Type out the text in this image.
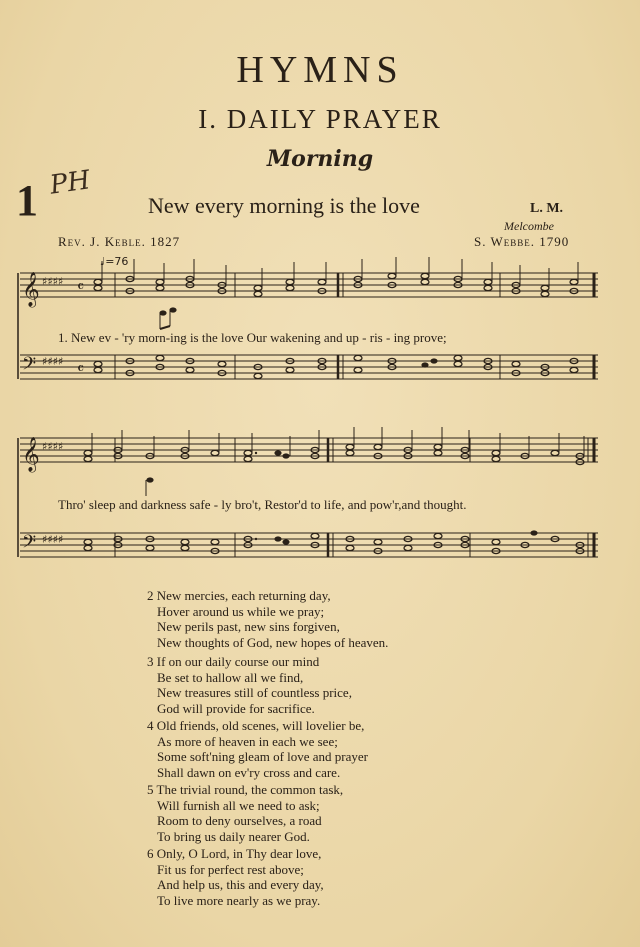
HYMNS
I. DAILY PRAYER
Morning
1 PH
New every morning is the love	L. M.
Melcombe
Rev. J. Keble. 1827	S. Webbe. 1790
♩=76
𝄞
𝄢
♯♯♯♯
♯♯♯♯
𝄴
𝄴
1. New ev - 'ry morn-ing is the love Our wakening and up - ris - ing prove;
𝄞
𝄢
♯♯♯♯
♯♯♯♯
Thro' sleep and darkness safe - ly bro't, Restor'd to life, and pow'r,and thought.
2 New mercies, each returning day,
Hover around us while we pray;
New perils past, new sins forgiven,
New thoughts of God, new hopes of heaven.
3 If on our daily course our mind
Be set to hallow all we find,
New treasures still of countless price,
God will provide for sacrifice.
4 Old friends, old scenes, will lovelier be,
As more of heaven in each we see;
Some soft'ning gleam of love and prayer
Shall dawn on ev'ry cross and care.
5 The trivial round, the common task,
Will furnish all we need to ask;
Room to deny ourselves, a road
To bring us daily nearer God.
6 Only, O Lord, in Thy dear love,
Fit us for perfect rest above;
And help us, this and every day,
To live more nearly as we pray.
